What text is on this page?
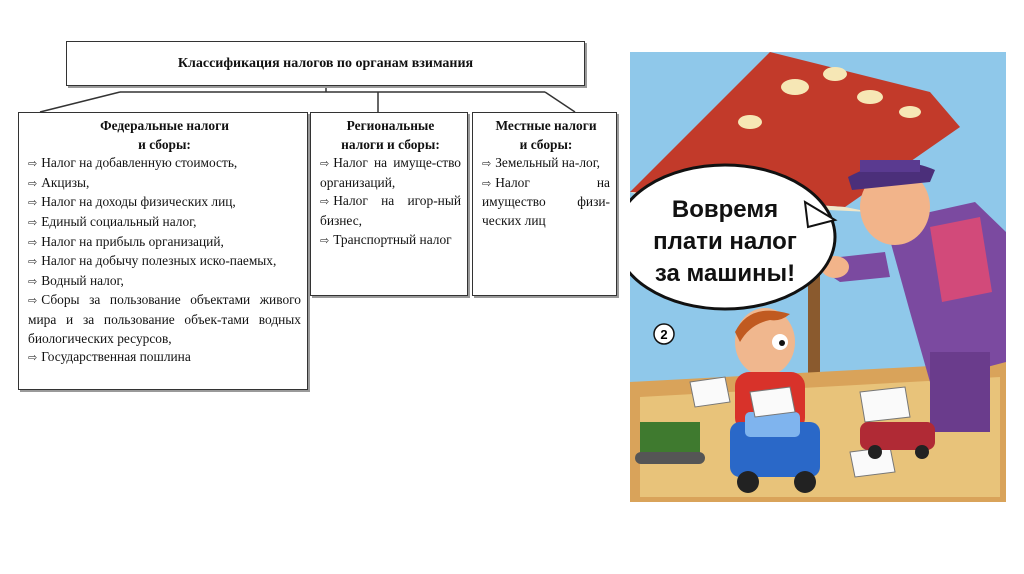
Классификация налогов по органам взимания
Федеральные налоги
и сборы:
⇨ Налог на добавленную стоимость,
⇨ Акцизы,
⇨ Налог на доходы физических лиц,
⇨ Единый социальный налог,
⇨ Налог на прибыль организаций,
⇨ Налог на добычу полезных иско-паемых,
⇨ Водный налог,
⇨ Сборы за пользование объектами живого мира и за пользование объек-тами водных биологических ресурсов,
⇨ Государственная пошлина
Региональные
налоги и сборы:
⇨ Налог на имуще-ство организаций,
⇨ Налог на игор-ный бизнес,
⇨ Транспортный налог
Местные налоги
и сборы:
⇨ Земельный на-лог,
⇨ Налог на имущество физи-ческих лиц	Вовремя
плати налог
за машины!
2
